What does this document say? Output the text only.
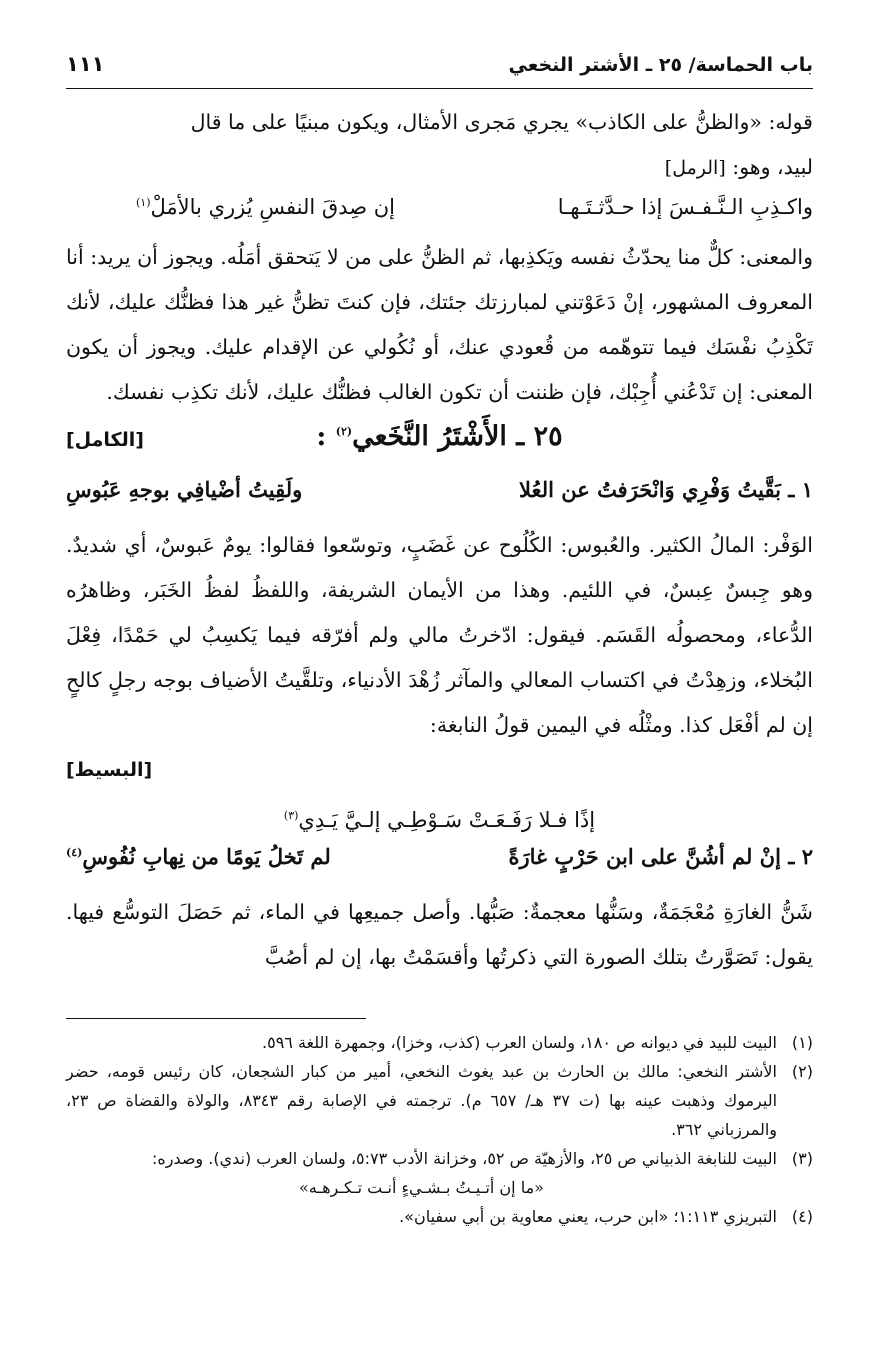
باب الحماسة/ ٢٥ ـ الأشتر النخعي
١١١

قوله: «والظنُّ على الكاذب» يجري مَجرى الأمثال، ويكون مبنيًا على ما قال

لبيد، وهو: [الرمل]

واكـذِبِ الـنَّـفـسَ إذا حـدَّثـتَـهـا
إن صِدقَ النفسِ يُزري بالأمَلْ$^{(١)}$

والمعنى: كلٌّ منا يحدّثُ نفسه ويَكذِبها، ثم الظنُّ على من لا يَتحقق أمَلُه. ويجوز أن يريد: أنا المعروف المشهور، إنْ دَعَوْتني لمبارزتك جئتك، فإن كنتَ تظنُّ غير هذا فظنُّك عليك، لأنك تَكْذِبُ نفْسَك فيما تتوهّمه من قُعودي عنك، أو نُكُولي عن الإقدام عليك. ويجوز أن يكون المعنى: إن تَدْعُني أُجِبْك، فإن ظننت أن تكون الغالب فظنُّك عليك، لأنك تكذِب نفسك.

[الكامل]	٢٥ ـ الأَشْتَرُ النَّخَعي$^{(٢)}$ :
١ ـ بَقَّيتُ وَفْرِي وَانْحَرَفتُ عن العُلا
ولَقِيتُ أضْيافِي بوجهِ عَبُوسِ

الوَفْر: المالُ الكثير. والعُبوس: الكُلُوح عن غَضَبٍ، وتوسّعوا فقالوا: يومٌ عَبوسٌ، أي شديدٌ. وهو جِبسٌ عِبسٌ، في اللئيم. وهذا من الأيمان الشريفة، واللفظُ لفظُ الخَبَر، وظاهرُه الدُّعاء، ومحصولُه القَسَم. فيقول: ادّخرتُ مالي ولم أفرّقه فيما يَكسِبُ لي حَمْدًا، فِعْلَ البُخلاء، وزهِدْتُ في اكتساب المعالي والمآثر زُهْدَ الأدنياء، وتلقَّيتُ الأضياف بوجه رجلٍ كالحٍ إن لم أفْعَل كذا. ومثْلُه في اليمين قولُ النابغة:

[البسيط]
إذًا فـلا رَفَـعَـتْ سَـوْطِـي إلـيَّ يَـدِي$^{(٣)}$
٢ ـ إنْ لم أشُنَّ على ابن حَرْبٍ غارَةً
لم تَخلُ يَومًا من نِهابِ نُفُوسِ$^{(٤)}$

شَنُّ الغارَةِ مُعْجَمَةٌ، وسَنُّها معجمةٌ: صَبُّها. وأصل جميعِها في الماء، ثم حَصَلَ التوسُّع فيها. يقول: تَصَوَّرتُ بتلك الصورة التي ذكرتُها وأقسَمْتُ بها، إن لم أصُبَّ

(١)
البيت للبيد في ديوانه ص ١٨٠، ولسان العرب (كذب، وخزا)، وجمهرة اللغة ٥٩٦.
(٢)
الأشتر النخعي: مالك بن الحارث بن عبد يغوث النخعي، أمير من كبار الشجعان، كان رئيس قومه، حضر اليرموك وذهبت عينه بها (ت ٣٧ هـ/ ٦٥٧ م). ترجمته في الإصابة رقم ٨٣٤٣، والولاة والقضاة ص ٢٣، والمرزباني ٣٦٢.
(٣)
البيت للنابغة الذبياني ص ٢٥، والأزهيّة ص ٥٢، وخزانة الأدب ٥:٧٣، ولسان العرب (ندي). وصدره:
«ما إن أتـيـتُ بـشـيءٍ أنـت تـكـرهـه»
(٤)
التبريزي ١:١١٣؛ «ابن حرب، يعني معاوية بن أبي سفيان».
